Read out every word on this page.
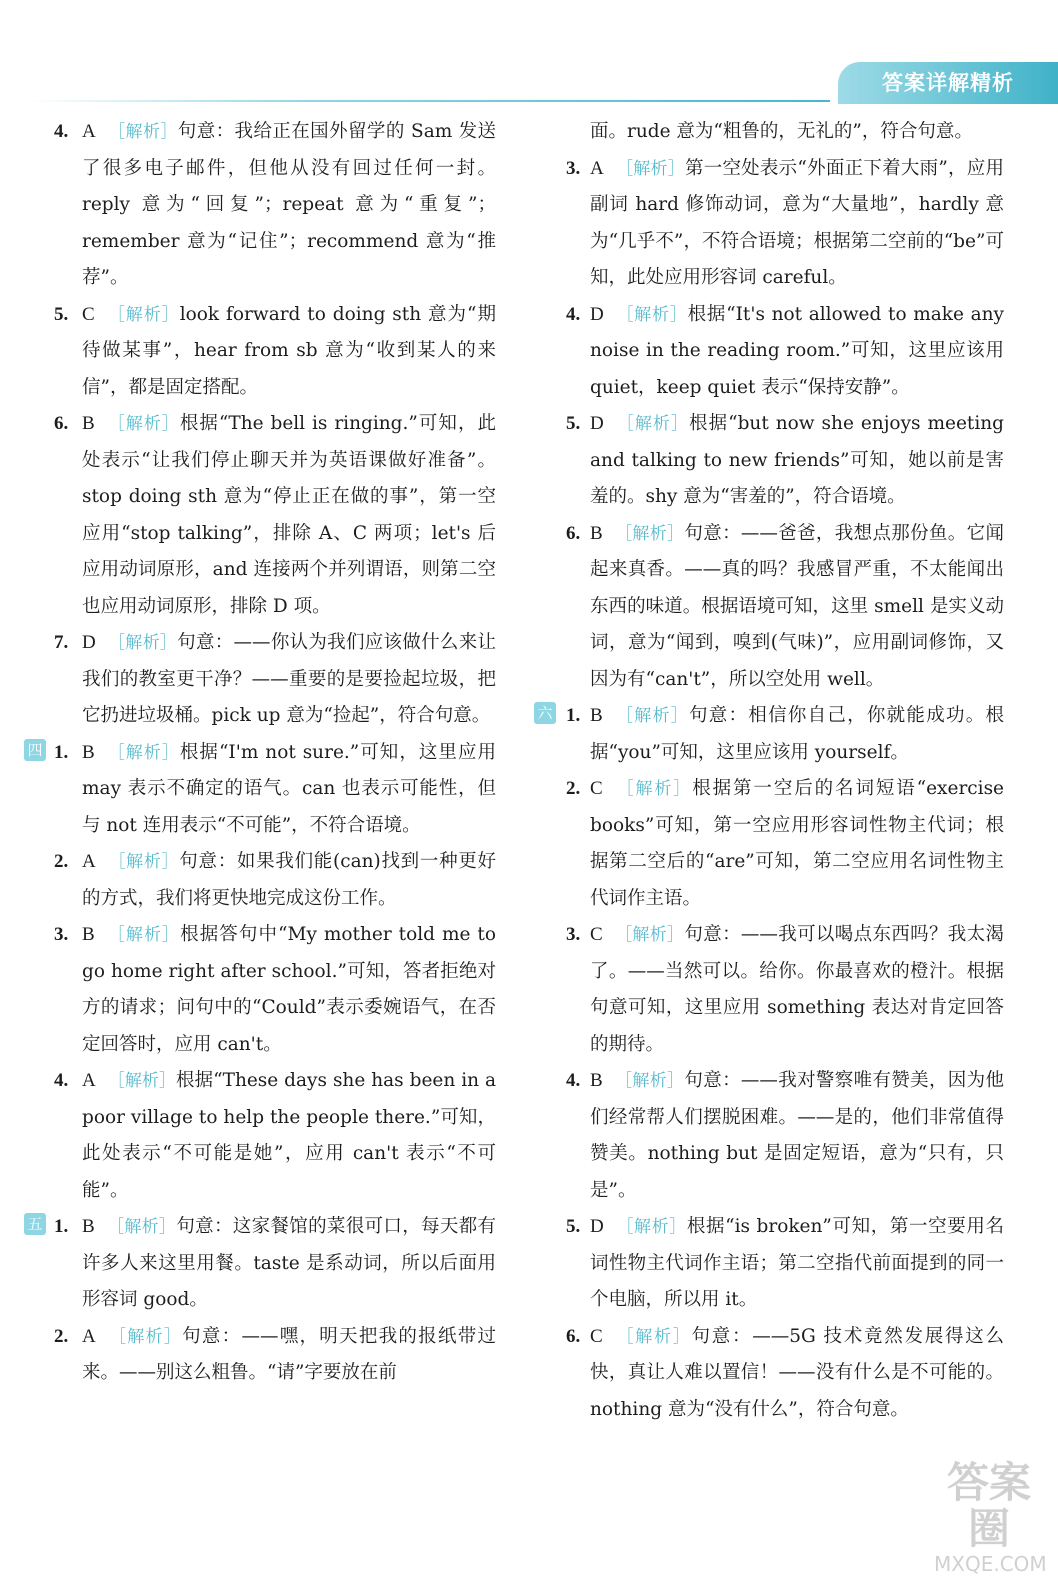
答案详解精析
4. A ［解析］句意：我给正在国外留学的 Sam 发送了很多电子邮件，但他从没有回过任何一封。reply 意为“回复”；repeat 意为“重复”；remember 意为“记住”；recommend 意为“推荐”。
5. C ［解析］look forward to doing sth 意为“期待做某事”，hear from sb 意为“收到某人的来信”，都是固定搭配。
6. B ［解析］根据“The bell is ringing.”可知，此处表示“让我们停止聊天并为英语课做好准备”。stop doing sth 意为“停止正在做的事”，第一空应用“stop talking”，排除 A、C 两项；let's 后应用动词原形，and 连接两个并列谓语，则第二空也应用动词原形，排除 D 项。
7. D ［解析］句意：——你认为我们应该做什么来让我们的教室更干净？——重要的是要捡起垃圾，把它扔进垃圾桶。pick up 意为“捡起”，符合句意。
四 1. B ［解析］根据“I'm not sure.”可知，这里应用 may 表示不确定的语气。can 也表示可能性，但与 not 连用表示“不可能”，不符合语境。
2. A ［解析］句意：如果我们能(can)找到一种更好的方式，我们将更快地完成这份工作。
3. B ［解析］根据答句中“My mother told me to go home right after school.”可知，答者拒绝对方的请求；问句中的“Could”表示委婉语气，在否定回答时，应用 can't。
4. A ［解析］根据“These days she has been in a poor village to help the people there.”可知，此处表示“不可能是她”，应用 can't 表示“不可能”。
五 1. B ［解析］句意：这家餐馆的菜很可口，每天都有许多人来这里用餐。taste 是系动词，所以后面用形容词 good。
2. A ［解析］句意：——嘿，明天把我的报纸带过来。——别这么粗鲁。“请”字要放在前
面。rude 意为“粗鲁的，无礼的”，符合句意。
3. A ［解析］第一空处表示“外面正下着大雨”，应用副词 hard 修饰动词，意为“大量地”，hardly 意为“几乎不”，不符合语境；根据第二空前的“be”可知，此处应用形容词 careful。
4. D ［解析］根据“It's not allowed to make any noise in the reading room.”可知，这里应该用 quiet，keep quiet 表示“保持安静”。
5. D ［解析］根据“but now she enjoys meeting and talking to new friends”可知，她以前是害羞的。shy 意为“害羞的”，符合语境。
6. B ［解析］句意：——爸爸，我想点那份鱼。它闻起来真香。——真的吗？我感冒严重，不太能闻出东西的味道。根据语境可知，这里 smell 是实义动词，意为“闻到，嗅到(气味)”，应用副词修饰，又因为有“can't”，所以空处用 well。
六 1. B ［解析］句意：相信你自己，你就能成功。根据“you”可知，这里应该用 yourself。
2. C ［解析］根据第一空后的名词短语“exercise books”可知，第一空应用形容词性物主代词；根据第二空后的“are”可知，第二空应用名词性物主代词作主语。
3. C ［解析］句意：——我可以喝点东西吗？我太渴了。——当然可以。给你。你最喜欢的橙汁。根据句意可知，这里应用 something 表达对肯定回答的期待。
4. B ［解析］句意：——我对警察唯有赞美，因为他们经常帮人们摆脱困难。——是的，他们非常值得赞美。nothing but 是固定短语，意为“只有，只是”。
5. D ［解析］根据“is broken”可知，第一空要用名词性物主代词作主语；第二空指代前面提到的同一个电脑，所以用 it。
6. C ［解析］句意：——5G 技术竟然发展得这么快，真让人难以置信！——没有什么是不可能的。nothing 意为“没有什么”，符合句意。
答案圈
MXQE.COM
